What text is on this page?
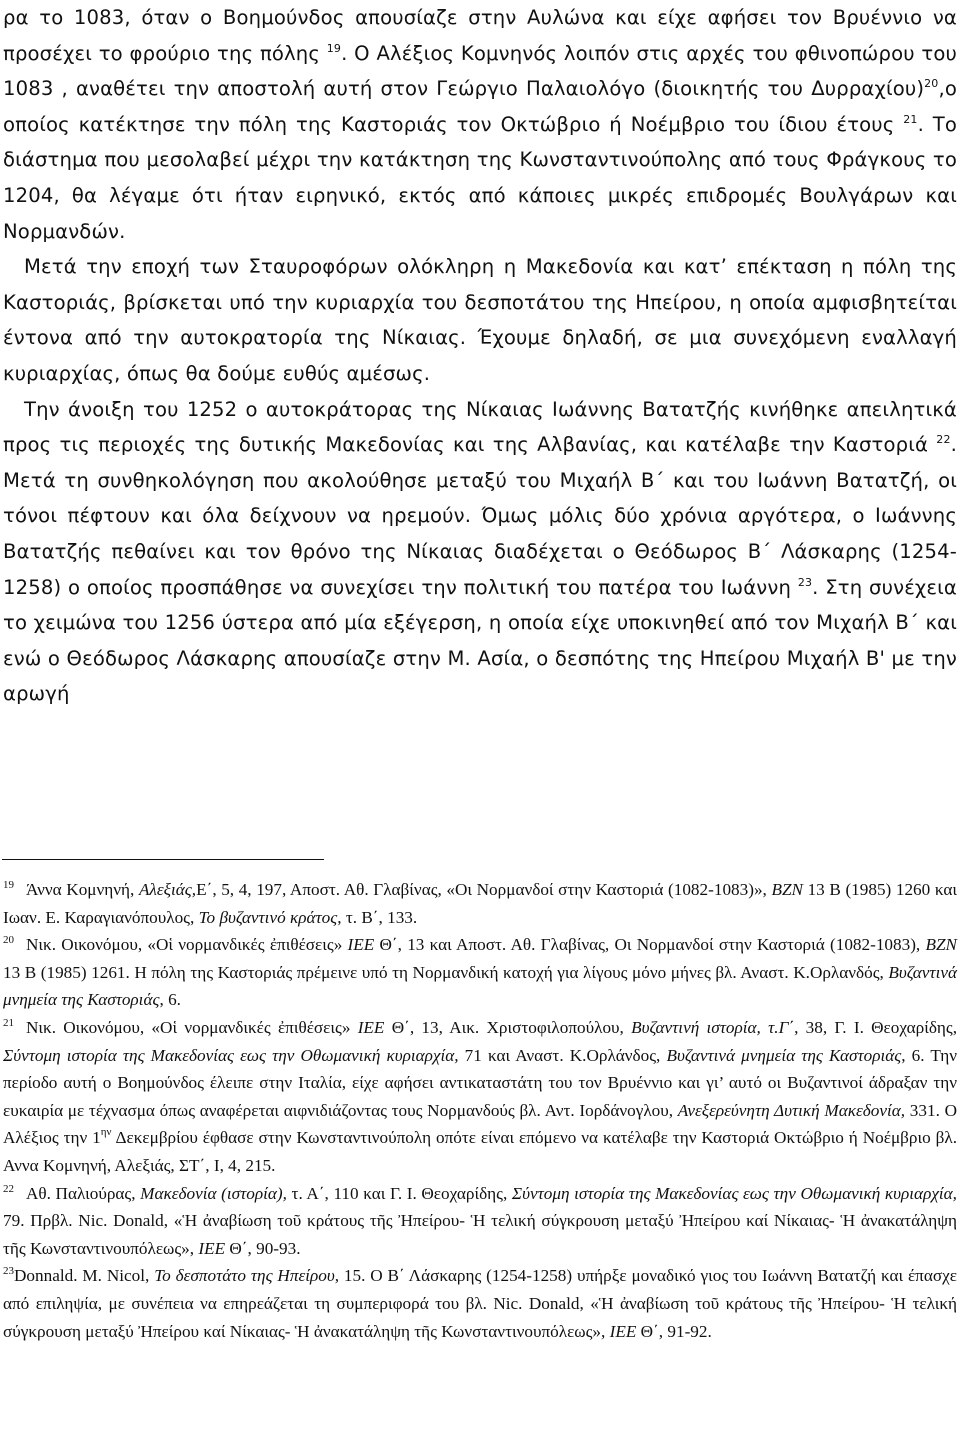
ρα το 1083, όταν ο Βοημούνδος απουσίαζε στην Αυλώνα και είχε αφήσει τον Βρυέννιο να προσέχει το φρούριο της πόλης $^{19}$. Ο Αλέξιος Κομνηνός λοιπόν στις αρχές του φθινοπώρου του 1083 , αναθέτει την αποστολή αυτή στον Γεώργιο Παλαιολόγο (διοικητής του Δυρραχίου)$^{20}$,ο οποίος κατέκτησε την πόλη της Καστοριάς τον Οκτώβριο ή Νοέμβριο του ίδιου έτους $^{21}$. Το διάστημα που μεσολαβεί μέχρι την κατάκτηση της Κωνσταντινούπολης από τους Φράγκους το 1204, θα λέγαμε ότι ήταν ειρηνικό, εκτός από κάποιες μικρές επιδρομές Βουλγάρων και Νορμανδών.

Μετά την εποχή των Σταυροφόρων ολόκληρη η Μακεδονία και κατ’ επέκταση η πόλη της Καστοριάς, βρίσκεται υπό την κυριαρχία του δεσποτάτου της Ηπείρου, η οποία αμφισβητείται έντονα από την αυτοκρατορία της Νίκαιας. Έχουμε δηλαδή, σε μια συνεχόμενη εναλλαγή κυριαρχίας, όπως θα δούμε ευθύς αμέσως.

Την άνοιξη του 1252 ο αυτοκράτορας της Νίκαιας Ιωάννης Βατατζής κινήθηκε απειλητικά προς τις περιοχές της δυτικής Μακεδονίας και της Αλβανίας, και κατέλαβε την Καστοριά $^{22}$. Μετά τη συνθηκολόγηση που ακολούθησε μεταξύ του Μιχαήλ Β΄ και του Ιωάννη Βατατζή, οι τόνοι πέφτουν και όλα δείχνουν να ηρεμούν. Όμως μόλις δύο χρόνια αργότερα, ο Ιωάννης Βατατζής πεθαίνει και τον θρόνο της Νίκαιας διαδέχεται ο Θεόδωρος Β΄ Λάσκαρης (1254-1258) ο οποίος προσπάθησε να συνεχίσει την πολιτική του πατέρα του Ιωάννη $^{23}$. Στη συνέχεια το χειμώνα του 1256 ύστερα από μία εξέγερση, η οποία είχε υποκινηθεί από τον Μιχαήλ Β΄ και ενώ ο Θεόδωρος Λάσκαρης απουσίαζε στην Μ. Ασία, ο δεσπότης της Ηπείρου Μιχαήλ Β' με την αρωγή

$^{19}$ Άννα Κομνηνή, Αλεξιάς,Ε΄, 5, 4, 197, Αποστ. Αθ. Γλαβίνας, «Οι Νορμανδοί στην Καστοριά (1082-1083)», BZN 13 Β (1985) 1260 και Ιωαν. Ε. Καραγιανόπουλος, Το βυζαντινό κράτος, τ. Β΄, 133.

$^{20}$ Νικ. Οικονόμου, «Οἱ νορμανδικές ἐπιθέσεις» ΙΕΕ Θ΄, 13 και Αποστ. Αθ. Γλαβίνας, Οι Νορμανδοί στην Καστοριά (1082-1083), BZN 13 Β (1985) 1261. Η πόλη της Καστοριάς πρέμεινε υπό τη Νορμανδική κατοχή για λίγους μόνο μήνες βλ. Αναστ. Κ.Ορλανδός, Βυζαντινά μνημεία της Καστοριάς, 6.

$^{21}$ Νικ. Οικονόμου, «Οἱ νορμανδικές ἐπιθέσεις» ΙΕΕ Θ΄, 13, Αικ. Χριστοφιλοπούλου, Βυζαντινή ιστορία, τ.Γ΄, 38, Γ. Ι. Θεοχαρίδης, Σύντομη ιστορία της Μακεδονίας εως την Οθωμανική κυριαρχία, 71 και Αναστ. Κ.Ορλάνδος, Βυζαντινά μνημεία της Καστοριάς, 6. Την περίοδο αυτή ο Βοημούνδος έλειπε στην Ιταλία, είχε αφήσει αντικαταστάτη του τον Βρυέννιο και γι’ αυτό οι Βυζαντινοί άδραξαν την ευκαιρία με τέχνασμα όπως αναφέρεται αιφνιδιάζοντας τους Νορμανδούς βλ. Αντ. Ιορδάνογλου, Ανεξερεύνητη Δυτική Μακεδονία, 331. Ο Αλέξιος την $1^{\eta\nu}$ Δεκεμβρίου έφθασε στην Κωνσταντινούπολη οπότε είναι επόμενο να κατέλαβε την Καστοριά Οκτώβριο ή Νοέμβριο βλ. Αννα Κομνηνή, Αλεξιάς, ΣΤ΄, Ι, 4, 215.

$^{22}$ Αθ. Παλιούρας, Μακεδονία (ιστορία), τ. Α΄, 110 και Γ. Ι. Θεοχαρίδης, Σύντομη ιστορία της Μακεδονίας εως την Οθωμανική κυριαρχία, 79. Πρβλ. Nic. Donald, «Ἡ ἀναβίωση τοῦ κράτους τῆς Ἠπείρου- Ἡ τελική σύγκρουση μεταξύ Ἠπείρου καί Νίκαιας- Ἡ ἀνακατάληψη τῆς Κωνσταντινουπόλεως», ΙΕΕ Θ΄, 90-93.

$^{23}$Donnald. Μ. Nicol, Το δεσποτάτο της Ηπείρου, 15. Ο Β΄ Λάσκαρης (1254-1258) υπήρξε μοναδικό γιος του Ιωάννη Βατατζή και έπασχε από επιληψία, με συνέπεια να επηρεάζεται τη συμπεριφορά του βλ. Nic. Donald, «Ἡ ἀναβίωση τοῦ κράτους τῆς Ἠπείρου- Ἡ τελική σύγκρουση μεταξύ Ἠπείρου καί Νίκαιας- Ἡ ἀνακατάληψη τῆς Κωνσταντινουπόλεως», ΙΕΕ Θ΄, 91-92.
